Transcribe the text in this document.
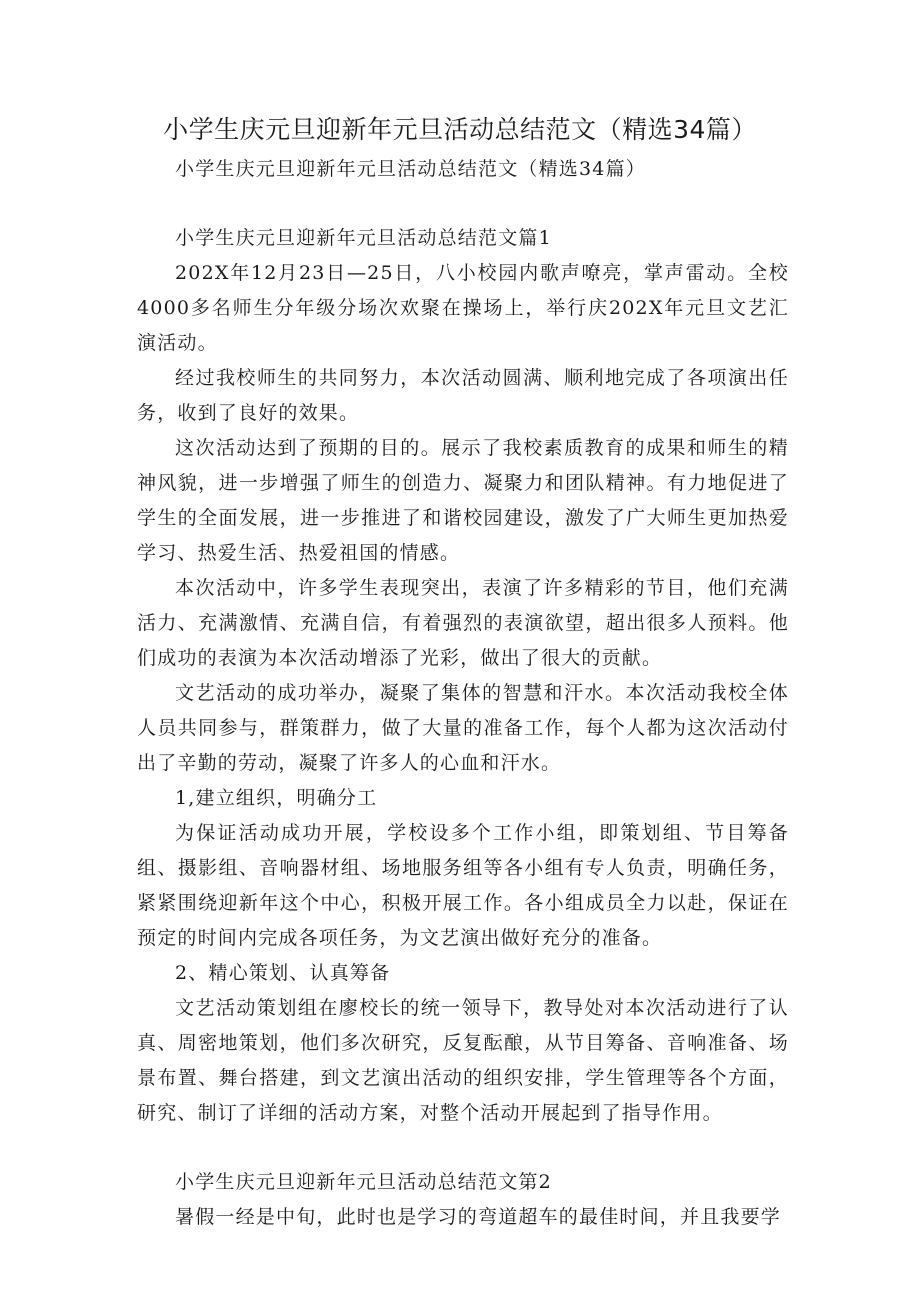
小学生庆元旦迎新年元旦活动总结范文（精选34篇）

小学生庆元旦迎新年元旦活动总结范文（精选34篇）

小学生庆元旦迎新年元旦活动总结范文篇1

202X年12月23日—25日，八小校园内歌声嘹亮，掌声雷动。全校4000多名师生分年级分场次欢聚在操场上，举行庆202X年元旦文艺汇演活动。

经过我校师生的共同努力，本次活动圆满、顺利地完成了各项演出任务，收到了良好的效果。

这次活动达到了预期的目的。展示了我校素质教育的成果和师生的精神风貌，进一步增强了师生的创造力、凝聚力和团队精神。有力地促进了学生的全面发展，进一步推进了和谐校园建设，激发了广大师生更加热爱学习、热爱生活、热爱祖国的情感。

本次活动中，许多学生表现突出，表演了许多精彩的节目，他们充满活力、充满激情、充满自信，有着强烈的表演欲望，超出很多人预料。他们成功的表演为本次活动增添了光彩，做出了很大的贡献。

文艺活动的成功举办，凝聚了集体的智慧和汗水。本次活动我校全体人员共同参与，群策群力，做了大量的准备工作，每个人都为这次活动付出了辛勤的劳动，凝聚了许多人的心血和汗水。

1,建立组织，明确分工

为保证活动成功开展，学校设多个工作小组，即策划组、节目筹备组、摄影组、音响器材组、场地服务组等各小组有专人负责，明确任务，紧紧围绕迎新年这个中心，积极开展工作。各小组成员全力以赴，保证在预定的时间内完成各项任务，为文艺演出做好充分的准备。

2、精心策划、认真筹备

文艺活动策划组在廖校长的统一领导下，教导处对本次活动进行了认真、周密地策划，他们多次研究，反复酝酿，从节目筹备、音响准备、场景布置、舞台搭建，到文艺演出活动的组织安排，学生管理等各个方面，研究、制订了详细的活动方案，对整个活动开展起到了指导作用。

小学生庆元旦迎新年元旦活动总结范文第2

暑假一经是中旬，此时也是学习的弯道超车的最佳时间，并且我要学
